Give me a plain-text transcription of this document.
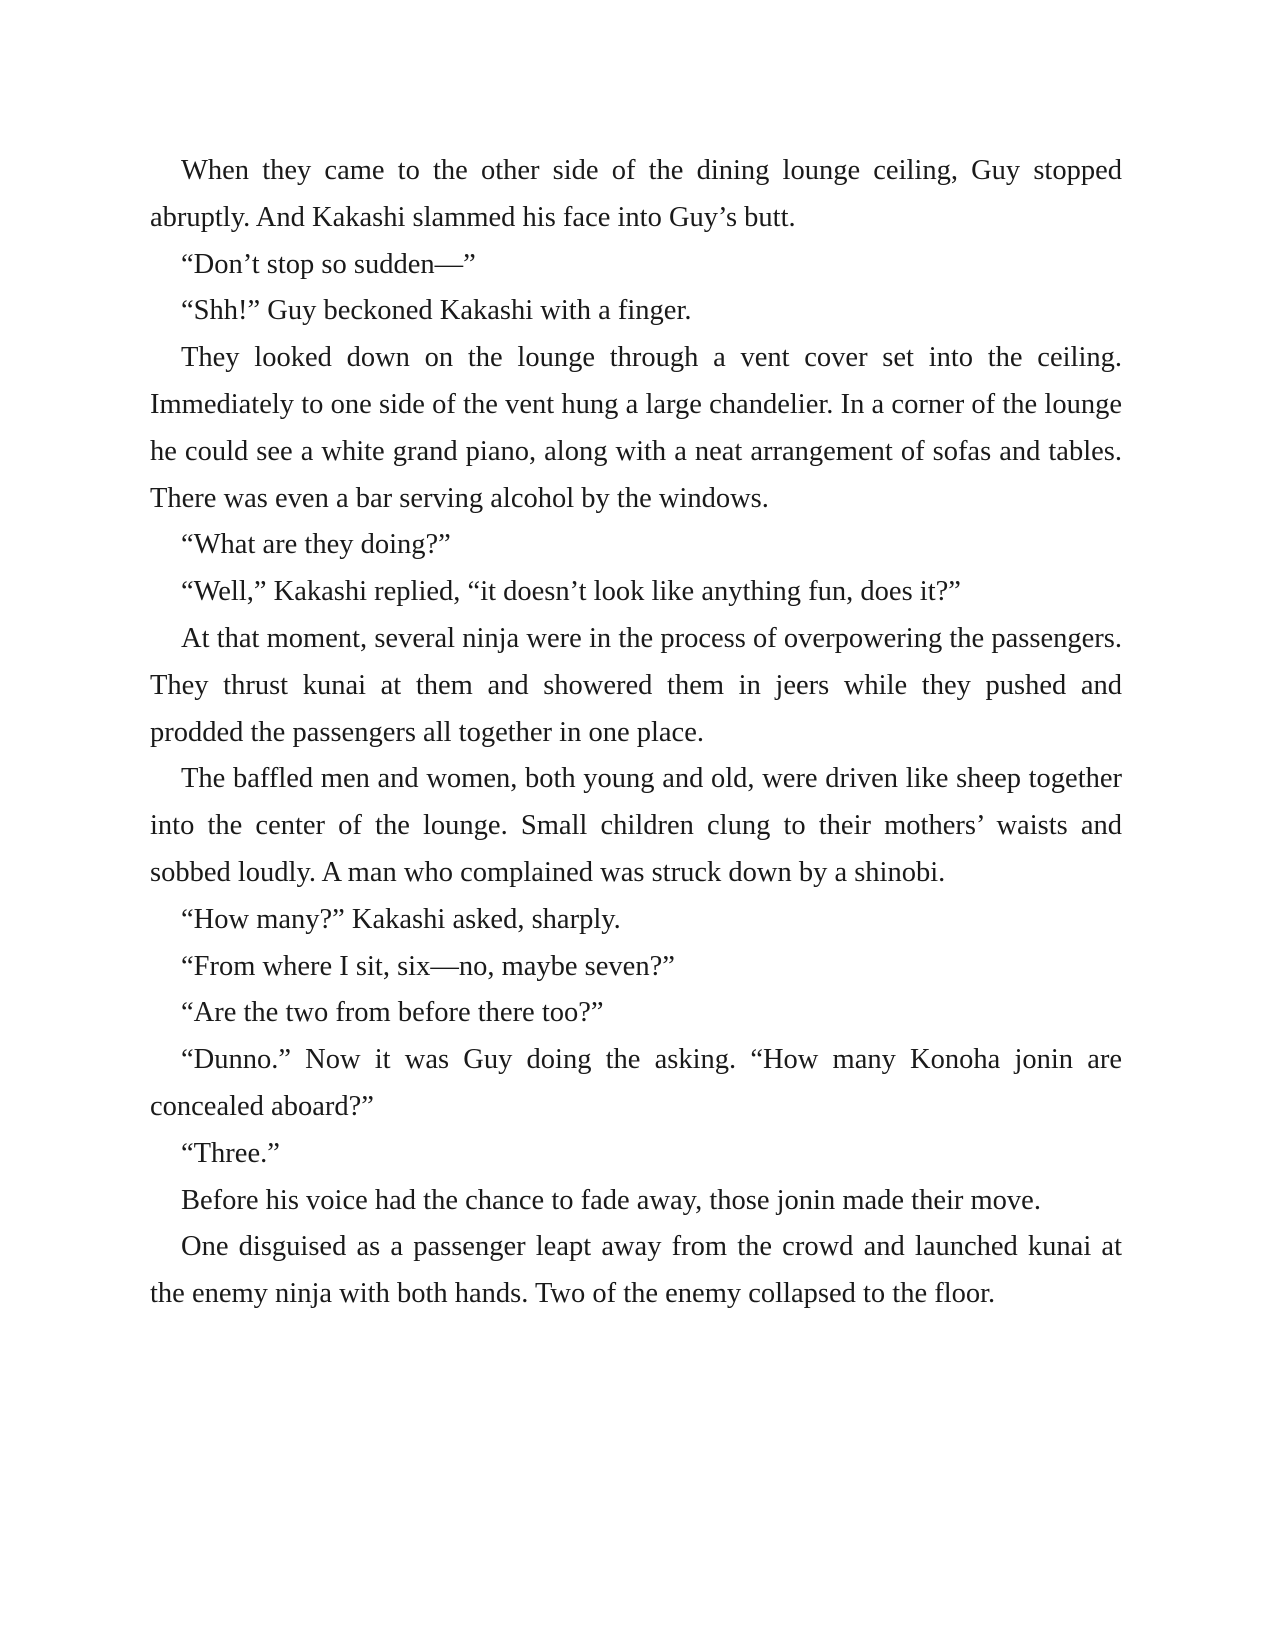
When they came to the other side of the dining lounge ceiling, Guy stopped abruptly. And Kakashi slammed his face into Guy’s butt.

“Don’t stop so sudden—”

“Shh!” Guy beckoned Kakashi with a finger.

They looked down on the lounge through a vent cover set into the ceiling. Immediately to one side of the vent hung a large chandelier. In a corner of the lounge he could see a white grand piano, along with a neat arrangement of sofas and tables. There was even a bar serving alcohol by the windows.

“What are they doing?”

“Well,” Kakashi replied, “it doesn’t look like anything fun, does it?”

At that moment, several ninja were in the process of overpowering the passengers. They thrust kunai at them and showered them in jeers while they pushed and prodded the passengers all together in one place.

The baffled men and women, both young and old, were driven like sheep together into the center of the lounge. Small children clung to their mothers’ waists and sobbed loudly. A man who complained was struck down by a shinobi.

“How many?” Kakashi asked, sharply.

“From where I sit, six—no, maybe seven?”

“Are the two from before there too?”

“Dunno.” Now it was Guy doing the asking. “How many Konoha jonin are concealed aboard?”

“Three.”

Before his voice had the chance to fade away, those jonin made their move.

One disguised as a passenger leapt away from the crowd and launched kunai at the enemy ninja with both hands. Two of the enemy collapsed to the floor.
